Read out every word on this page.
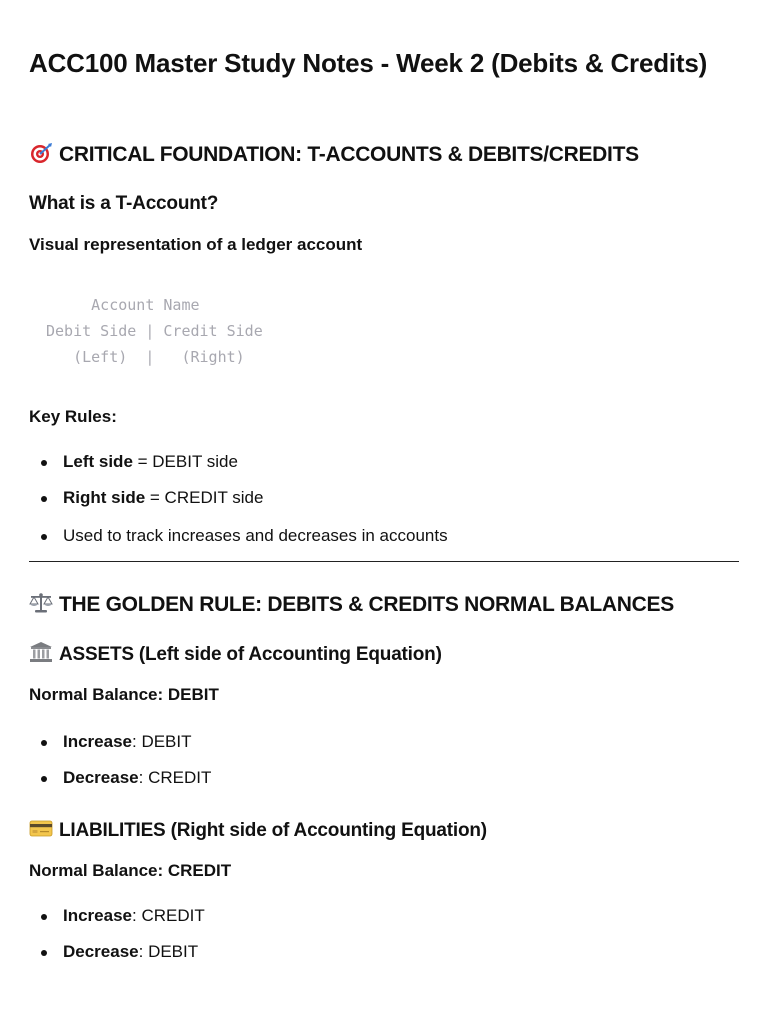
ACC100 Master Study Notes - Week 2 (Debits & Credits)
CRITICAL FOUNDATION: T-ACCOUNTS & DEBITS/CREDITS
What is a T-Account?

Visual representation of a ledger account

Account Name
Debit Side | Credit Side
(Left)  |   (Right)

Key Rules:

Left side = DEBIT side
Right side = CREDIT side
Used to track increases and decreases in accounts
THE GOLDEN RULE: DEBITS & CREDITS NORMAL BALANCES
ASSETS (Left side of Accounting Equation)

Normal Balance: DEBIT

Increase: DEBIT
Decrease: CREDIT
LIABILITIES (Right side of Accounting Equation)

Normal Balance: CREDIT

Increase: CREDIT
Decrease: DEBIT
